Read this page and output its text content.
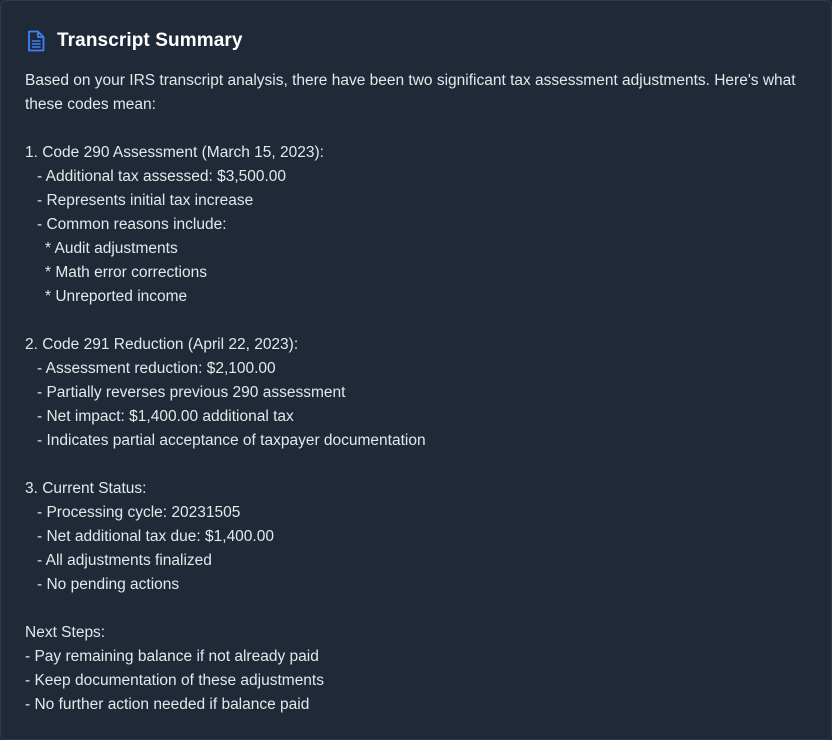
Transcript Summary

Based on your IRS transcript analysis, there have been two significant tax assessment adjustments. Here's what these codes mean:

1. Code 290 Assessment (March 15, 2023):
- Additional tax assessed: $3,500.00
- Represents initial tax increase
- Common reasons include:
* Audit adjustments
* Math error corrections
* Unreported income
2. Code 291 Reduction (April 22, 2023):
- Assessment reduction: $2,100.00
- Partially reverses previous 290 assessment
- Net impact: $1,400.00 additional tax
- Indicates partial acceptance of taxpayer documentation
3. Current Status:
- Processing cycle: 20231505
- Net additional tax due: $1,400.00
- All adjustments finalized
- No pending actions
Next Steps:
- Pay remaining balance if not already paid
- Keep documentation of these adjustments
- No further action needed if balance paid
